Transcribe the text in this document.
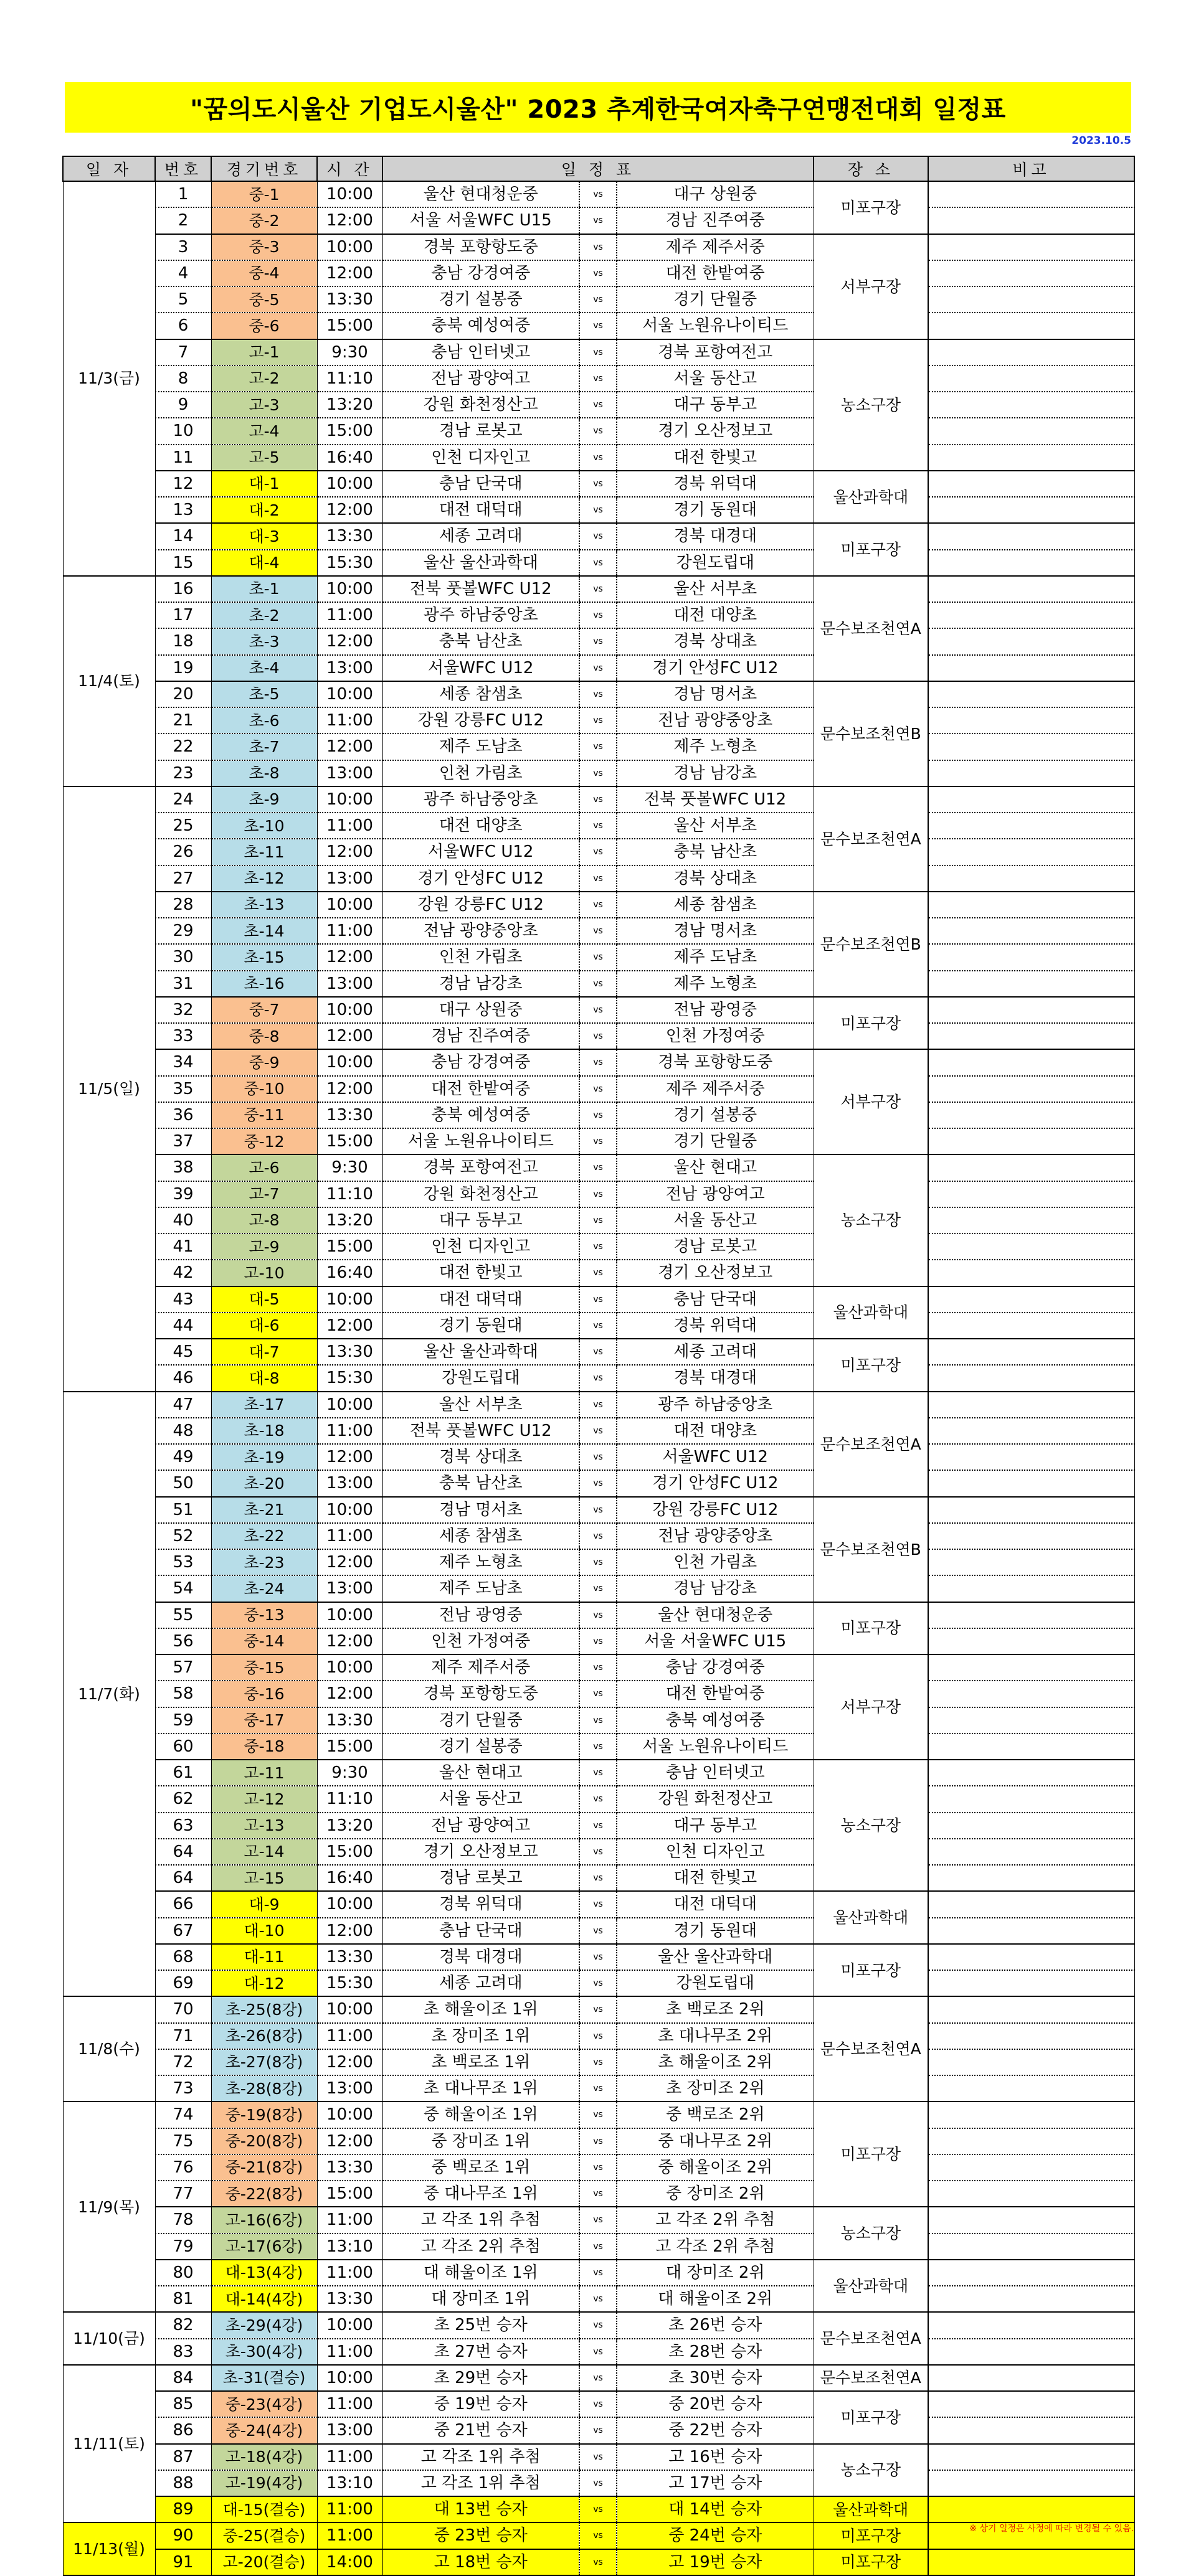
"꿈의도시울산 기업도시울산" 2023 추계한국여자축구연맹전대회 일정표
2023.10.5
일 자	번호	경기번호	시 간	일 정 표			장 소	비고
11/3(금)	1	중-1	10:00	울산 현대청운중	vs	대구 상원중	미포구장	
	2	중-2	12:00	서울 서울WFC U15	vs	경남 진주여중		
	3	중-3	10:00	경북 포항항도중	vs	제주 제주서중	서부구장	
	4	중-4	12:00	충남 강경여중	vs	대전 한밭여중		
	5	중-5	13:30	경기 설봉중	vs	경기 단월중		
	6	중-6	15:00	충북 예성여중	vs	서울 노원유나이티드		
	7	고-1	9:30	충남 인터넷고	vs	경북 포항여전고	농소구장	
	8	고-2	11:10	전남 광양여고	vs	서울 동산고		
	9	고-3	13:20	강원 화천정산고	vs	대구 동부고		
	10	고-4	15:00	경남 로봇고	vs	경기 오산정보고		
	11	고-5	16:40	인천 디자인고	vs	대전 한빛고		
	12	대-1	10:00	충남 단국대	vs	경북 위덕대	울산과학대	
	13	대-2	12:00	대전 대덕대	vs	경기 동원대		
	14	대-3	13:30	세종 고려대	vs	경북 대경대	미포구장	
	15	대-4	15:30	울산 울산과학대	vs	강원도립대		
11/4(토)	16	초-1	10:00	전북 풋볼WFC U12	vs	울산 서부초	문수보조천연A	
	17	초-2	11:00	광주 하남중앙초	vs	대전 대양초		
	18	초-3	12:00	충북 남산초	vs	경북 상대초		
	19	초-4	13:00	서울WFC U12	vs	경기 안성FC U12		
	20	초-5	10:00	세종 참샘초	vs	경남 명서초	문수보조천연B	
	21	초-6	11:00	강원 강릉FC U12	vs	전남 광양중앙초		
	22	초-7	12:00	제주 도남초	vs	제주 노형초		
	23	초-8	13:00	인천 가림초	vs	경남 남강초		
11/5(일)	24	초-9	10:00	광주 하남중앙초	vs	전북 풋볼WFC U12	문수보조천연A	
	25	초-10	11:00	대전 대양초	vs	울산 서부초		
	26	초-11	12:00	서울WFC U12	vs	충북 남산초		
	27	초-12	13:00	경기 안성FC U12	vs	경북 상대초		
	28	초-13	10:00	강원 강릉FC U12	vs	세종 참샘초	문수보조천연B	
	29	초-14	11:00	전남 광양중앙초	vs	경남 명서초		
	30	초-15	12:00	인천 가림초	vs	제주 도남초		
	31	초-16	13:00	경남 남강초	vs	제주 노형초		
	32	중-7	10:00	대구 상원중	vs	전남 광영중	미포구장	
	33	중-8	12:00	경남 진주여중	vs	인천 가정여중		
	34	중-9	10:00	충남 강경여중	vs	경북 포항항도중	서부구장	
	35	중-10	12:00	대전 한밭여중	vs	제주 제주서중		
	36	중-11	13:30	충북 예성여중	vs	경기 설봉중		
	37	중-12	15:00	서울 노원유나이티드	vs	경기 단월중		
	38	고-6	9:30	경북 포항여전고	vs	울산 현대고	농소구장	
	39	고-7	11:10	강원 화천정산고	vs	전남 광양여고		
	40	고-8	13:20	대구 동부고	vs	서울 동산고		
	41	고-9	15:00	인천 디자인고	vs	경남 로봇고		
	42	고-10	16:40	대전 한빛고	vs	경기 오산정보고		
	43	대-5	10:00	대전 대덕대	vs	충남 단국대	울산과학대	
	44	대-6	12:00	경기 동원대	vs	경북 위덕대		
	45	대-7	13:30	울산 울산과학대	vs	세종 고려대	미포구장	
	46	대-8	15:30	강원도립대	vs	경북 대경대		
11/7(화)	47	초-17	10:00	울산 서부초	vs	광주 하남중앙초	문수보조천연A	
	48	초-18	11:00	전북 풋볼WFC U12	vs	대전 대양초		
	49	초-19	12:00	경북 상대초	vs	서울WFC U12		
	50	초-20	13:00	충북 남산초	vs	경기 안성FC U12		
	51	초-21	10:00	경남 명서초	vs	강원 강릉FC U12	문수보조천연B	
	52	초-22	11:00	세종 참샘초	vs	전남 광양중앙초		
	53	초-23	12:00	제주 노형초	vs	인천 가림초		
	54	초-24	13:00	제주 도남초	vs	경남 남강초		
	55	중-13	10:00	전남 광영중	vs	울산 현대청운중	미포구장	
	56	중-14	12:00	인천 가정여중	vs	서울 서울WFC U15		
	57	중-15	10:00	제주 제주서중	vs	충남 강경여중	서부구장	
	58	중-16	12:00	경북 포항항도중	vs	대전 한밭여중		
	59	중-17	13:30	경기 단월중	vs	충북 예성여중		
	60	중-18	15:00	경기 설봉중	vs	서울 노원유나이티드		
	61	고-11	9:30	울산 현대고	vs	충남 인터넷고	농소구장	
	62	고-12	11:10	서울 동산고	vs	강원 화천정산고		
	63	고-13	13:20	전남 광양여고	vs	대구 동부고		
	64	고-14	15:00	경기 오산정보고	vs	인천 디자인고		
	64	고-15	16:40	경남 로봇고	vs	대전 한빛고		
	66	대-9	10:00	경북 위덕대	vs	대전 대덕대	울산과학대	
	67	대-10	12:00	충남 단국대	vs	경기 동원대		
	68	대-11	13:30	경북 대경대	vs	울산 울산과학대	미포구장	
	69	대-12	15:30	세종 고려대	vs	강원도립대		
11/8(수)	70	초-25(8강)	10:00	초 해울이조 1위	vs	초 백로조 2위	문수보조천연A	
	71	초-26(8강)	11:00	초 장미조 1위	vs	초 대나무조 2위		
	72	초-27(8강)	12:00	초 백로조 1위	vs	초 해울이조 2위		
	73	초-28(8강)	13:00	초 대나무조 1위	vs	초 장미조 2위		
11/9(목)	74	중-19(8강)	10:00	중 해울이조 1위	vs	중 백로조 2위	미포구장	
	75	중-20(8강)	12:00	중 장미조 1위	vs	중 대나무조 2위		
	76	중-21(8강)	13:30	중 백로조 1위	vs	중 해울이조 2위		
	77	중-22(8강)	15:00	중 대나무조 1위	vs	중 장미조 2위		
	78	고-16(6강)	11:00	고 각조 1위 추첨	vs	고 각조 2위 추첨	농소구장	
	79	고-17(6강)	13:10	고 각조 2위 추첨	vs	고 각조 2위 추첨		
	80	대-13(4강)	11:00	대 해울이조 1위	vs	대 장미조 2위	울산과학대	
	81	대-14(4강)	13:30	대 장미조 1위	vs	대 해울이조 2위		
11/10(금)	82	초-29(4강)	10:00	초 25번 승자	vs	초 26번 승자	문수보조천연A	
	83	초-30(4강)	11:00	초 27번 승자	vs	초 28번 승자		
11/11(토)	84	초-31(결승)	10:00	초 29번 승자	vs	초 30번 승자	문수보조천연A	
	85	중-23(4강)	11:00	중 19번 승자	vs	중 20번 승자	미포구장	
	86	중-24(4강)	13:00	중 21번 승자	vs	중 22번 승자		
	87	고-18(4강)	11:00	고 각조 1위 추첨	vs	고 16번 승자	농소구장	
	88	고-19(4강)	13:10	고 각조 1위 추첨	vs	고 17번 승자		
	89	대-15(결승)	11:00	대 13번 승자	vs	대 14번 승자	울산과학대	
11/13(월)	90	중-25(결승)	11:00	중 23번 승자	vs	중 24번 승자	미포구장	
	91	고-20(결승)	14:00	고 18번 승자	vs	고 19번 승자	미포구장	
※ 상기 일정은 사정에 따라 변경될 수 있음.
